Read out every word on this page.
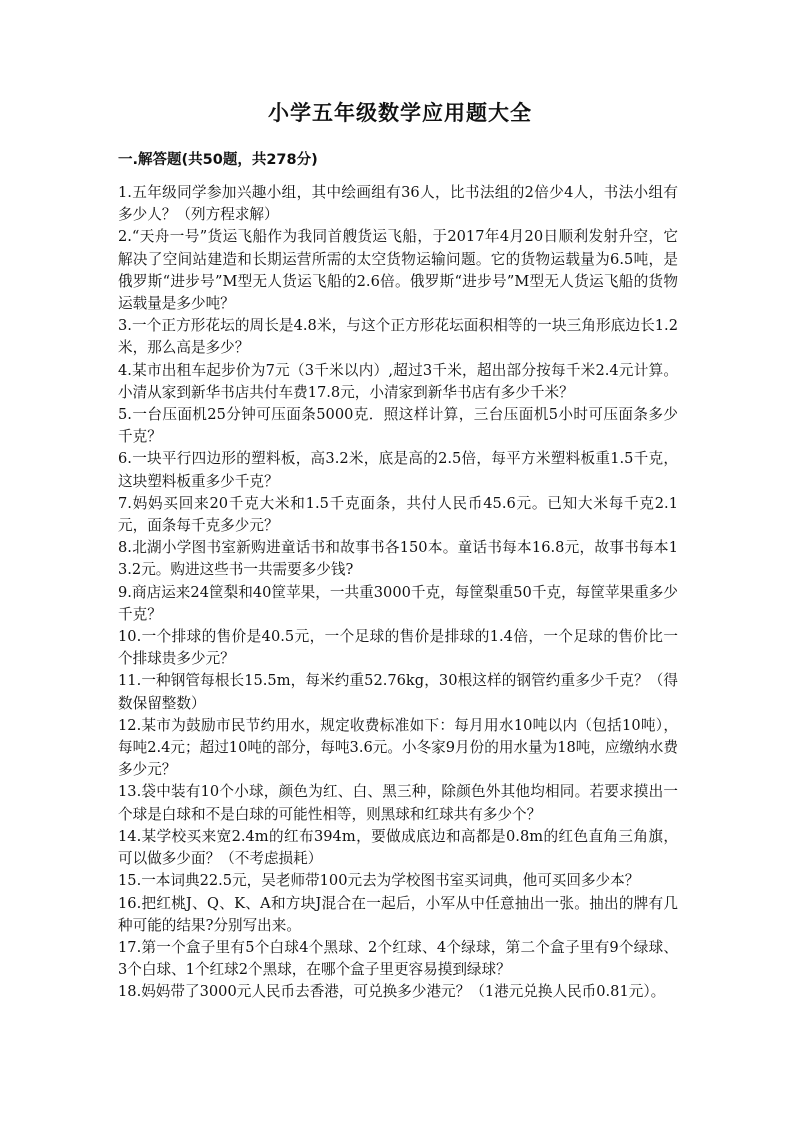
小学五年级数学应用题大全
一.解答题(共50题，共278分)
1.五年级同学参加兴趣小组，其中绘画组有36人，比书法组的2倍少4人，书法小组有多少人？（列方程求解）
2.“天舟一号”货运飞船作为我同首艘货运飞船，于2017年4月20日顺利发射升空，它解决了空间站建造和长期运营所需的太空货物运输问题。它的货物运载量为6.5吨，是俄罗斯“进步号”M型无人货运飞船的2.6倍。俄罗斯“进步号”M型无人货运飞船的货物运载量是多少吨？
3.一个正方形花坛的周长是4.8米，与这个正方形花坛面积相等的一块三角形底边长1.2米，那么高是多少？
4.某市出租车起步价为7元（3千米以内）,超过3千米，超出部分按每千米2.4元计算。小清从家到新华书店共付车费17.8元，小清家到新华书店有多少千米？
5.一台压面机25分钟可压面条5000克．照这样计算，三台压面机5小时可压面条多少千克？
6.一块平行四边形的塑料板，高3.2米，底是高的2.5倍，每平方米塑料板重1.5千克，这块塑料板重多少千克？
7.妈妈买回来20千克大米和1.5千克面条，共付人民币45.6元。已知大米每千克2.1元，面条每千克多少元？
8.北湖小学图书室新购进童话书和故事书各150本。童话书每本16.8元，故事书每本13.2元。购进这些书一共需要多少钱?
9.商店运来24筐梨和40筐苹果，一共重3000千克，每筐梨重50千克，每筐苹果重多少千克？
10.一个排球的售价是40.5元，一个足球的售价是排球的1.4倍，一个足球的售价比一个排球贵多少元？
11.一种钢管每根长15.5m，每米约重52.76kg，30根这样的钢管约重多少千克？（得数保留整数）
12.某市为鼓励市民节约用水，规定收费标准如下：每月用水10吨以内（包括10吨），每吨2.4元；超过10吨的部分，每吨3.6元。小冬家9月份的用水量为18吨，应缴纳水费多少元？
13.袋中装有10个小球，颜色为红、白、黑三种，除颜色外其他均相同。若要求摸出一个球是白球和不是白球的可能性相等，则黑球和红球共有多少个？
14.某学校买来宽2.4m的红布394m，要做成底边和高都是0.8m的红色直角三角旗，可以做多少面？（不考虑损耗）
15.一本词典22.5元，吴老师带100元去为学校图书室买词典，他可买回多少本？
16.把红桃J、Q、K、A和方块J混合在一起后，小军从中任意抽出一张。抽出的牌有几种可能的结果?分别写出来。
17.第一个盒子里有5个白球4个黑球、2个红球、4个绿球，第二个盒子里有9个绿球、3个白球、1个红球2个黑球，在哪个盒子里更容易摸到绿球？
18.妈妈带了3000元人民币去香港，可兑换多少港元？（1港元兑换人民币0.81元）。
